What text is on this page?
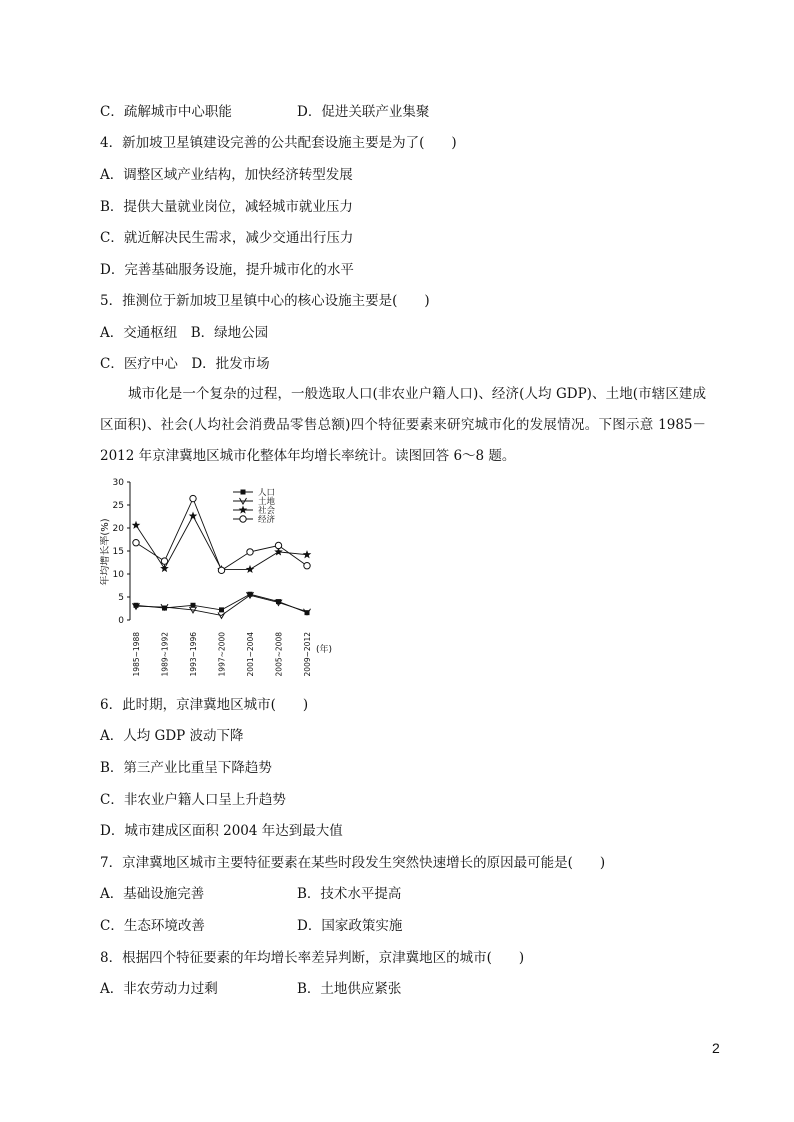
C．疏解城市中心职能	D．促进关联产业集聚
4．新加坡卫星镇建设完善的公共配套设施主要是为了(　　)
A．调整区域产业结构，加快经济转型发展
B．提供大量就业岗位，减轻城市就业压力
C．就近解决民生需求，减少交通出行压力
D．完善基础服务设施，提升城市化的水平
5．推测位于新加坡卫星镇中心的核心设施主要是(　　)
A．交通枢纽　B．绿地公园
C．医疗中心　D．批发市场
城市化是一个复杂的过程，一般选取人口(非农业户籍人口)、经济(人均 GDP)、土地(市辖区建成区面积)、社会(人均社会消费品零售总额)四个特征要素来研究城市化的发展情况。下图示意 1985－2012 年京津冀地区城市化整体年均增长率统计。读图回答 6～8 题。
0
5
10
15
20
25
30
年均增长率(%)
1985~1988	1989~1992	1993~1996	1997~2000	2001~2004	2005~2008	2009~2012 (年)
人口
土地
社会
经济
6．此时期，京津冀地区城市(　　)
A．人均 GDP 波动下降
B．第三产业比重呈下降趋势
C．非农业户籍人口呈上升趋势
D．城市建成区面积 2004 年达到最大值
7．京津冀地区城市主要特征要素在某些时段发生突然快速增长的原因最可能是(　　)
A．基础设施完善	B．技术水平提高
C．生态环境改善	D．国家政策实施
8．根据四个特征要素的年均增长率差异判断，京津冀地区的城市(　　)
A．非农劳动力过剩	B．土地供应紧张
2
